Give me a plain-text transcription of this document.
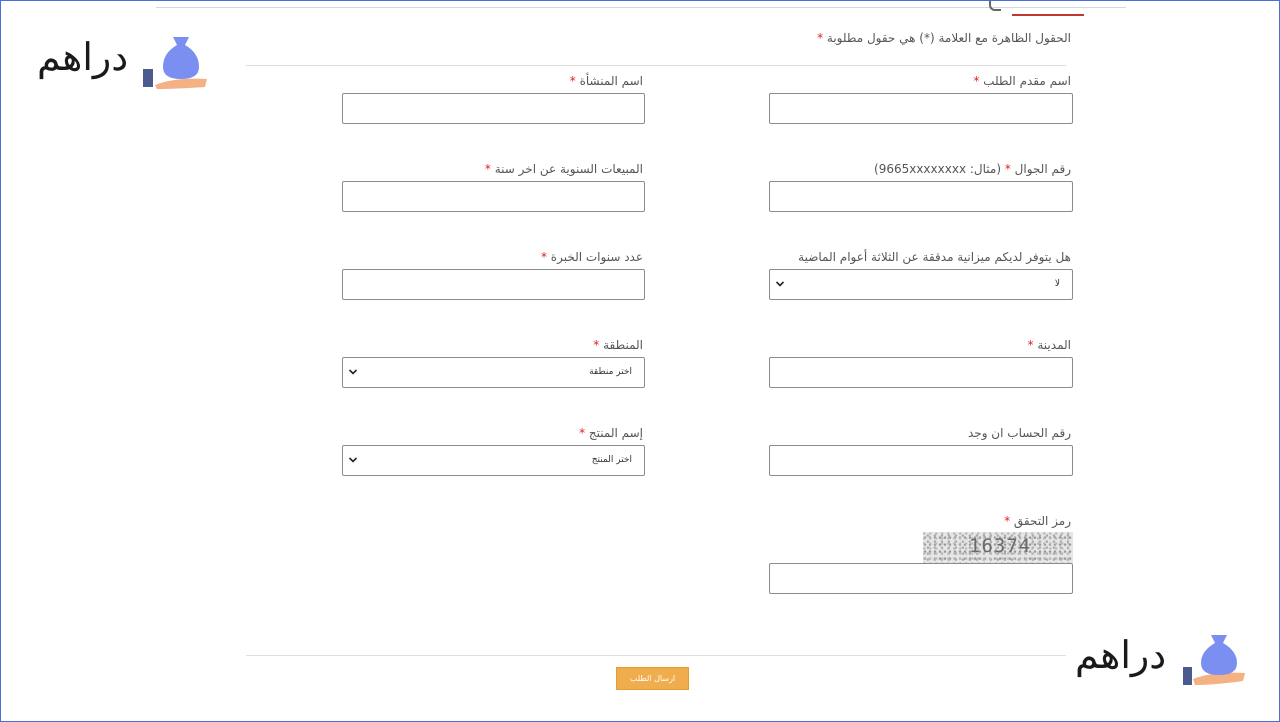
دراهم	الحقول الظاهرة مع العلامة (*) هي حقول مطلوبة *
اسم مقدم الطلب *
اسم المنشأة *
رقم الجوال * (مثال: 9665xxxxxxxx)
المبيعات السنوية عن اخر سنة *
هل يتوفر لديكم ميزانية مدققة عن الثلاثة أعوام الماضية
لا
عدد سنوات الخبرة *
المدينة *
المنطقة *
اختر منطقة
رقم الحساب ان وجد
إسم المنتج *
اختر المنتج
رمز التحقق *
16374
ارسال الطلب
دراهم
